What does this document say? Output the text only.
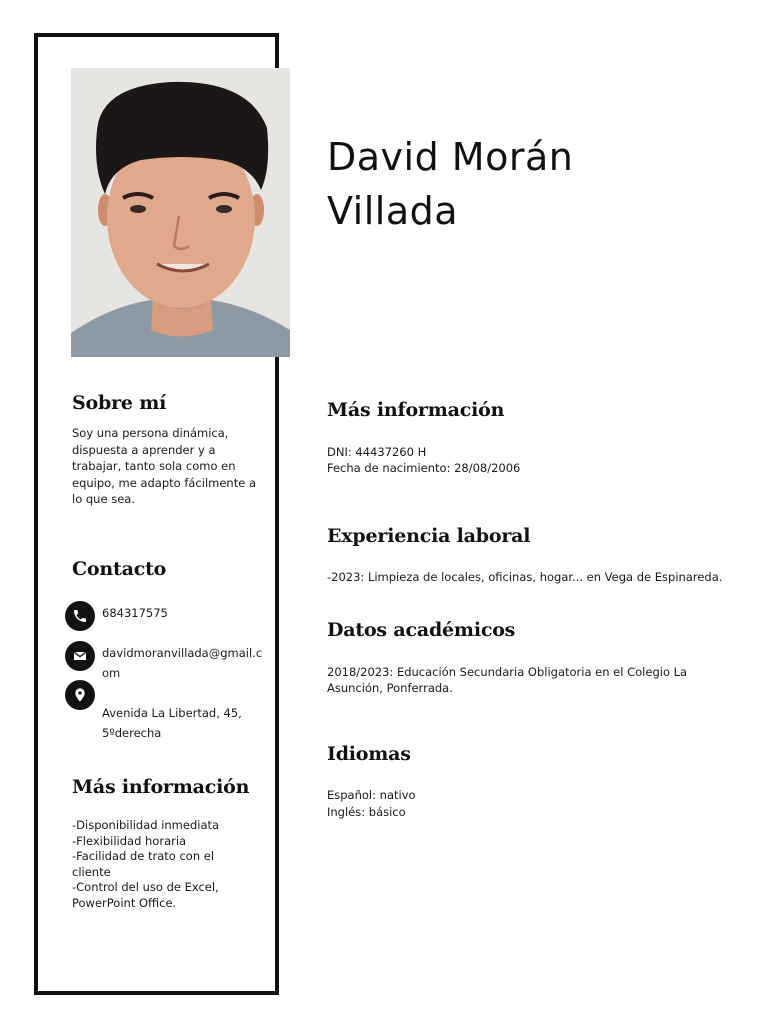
David Morán
Villada
Sobre mí
Soy una persona dinámica, dispuesta a aprender y a trabajar, tanto sola como en equipo, me adapto fácilmente a lo que sea.
Contacto
684317575
davidmoranvillada@gmail.com
Avenida La Libertad, 45,
5ºderecha
Más información
-Disponibilidad inmediata
-Flexibilidad horaria
-Facilidad de trato con el cliente
-Control del uso de Excel, PowerPoint Office.
Más información
DNI: 44437260 H
Fecha de nacimiento: 28/08/2006
Experiencia laboral
-2023: Limpieza de locales, oficinas, hogar... en Vega de Espinareda.
Datos académicos
2018/2023: Educación Secundaria Obligatoria en el Colegio La Asunción, Ponferrada.
Idiomas
Español: nativo
Inglés: básico
